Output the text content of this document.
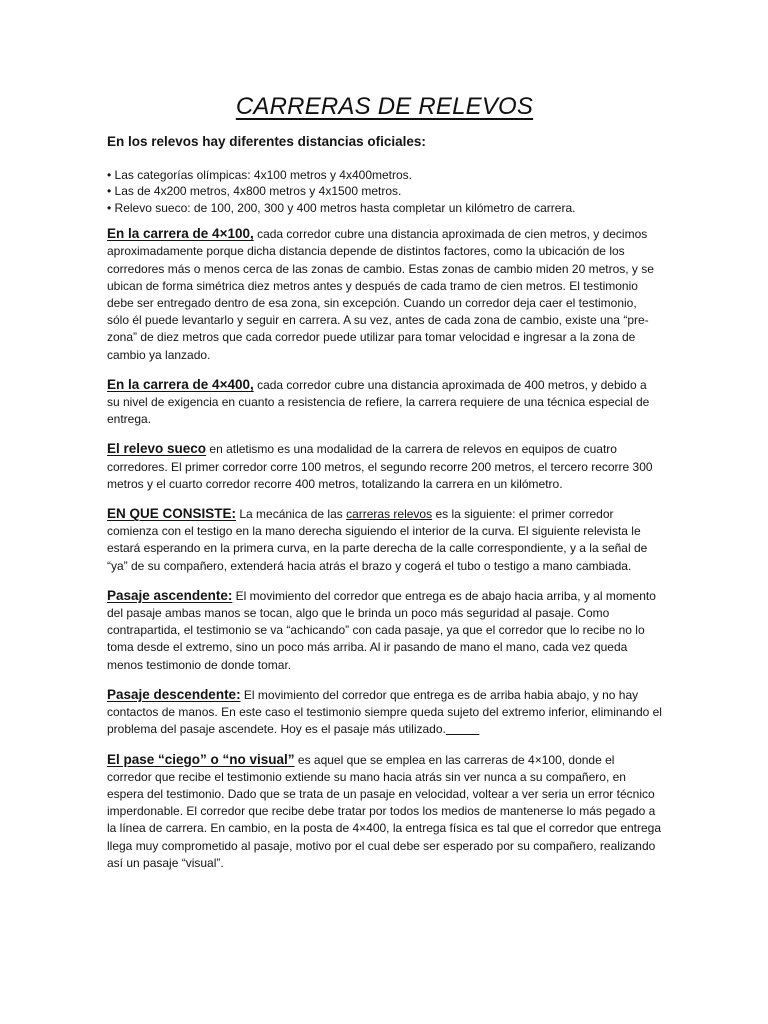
CARRERAS DE RELEVOS
En los relevos hay diferentes distancias oficiales:
• Las categorías olímpicas: 4x100 metros y 4x400metros.
• Las de 4x200 metros, 4x800 metros y 4x1500 metros.
• Relevo sueco: de 100, 200, 300 y 400 metros hasta completar un kilómetro de carrera.

En la carrera de 4×100, cada corredor cubre una distancia aproximada de cien metros, y decimos aproximadamente porque dicha distancia depende de distintos factores, como la ubicación de los corredores más o menos cerca de las zonas de cambio. Estas zonas de cambio miden 20 metros, y se ubican de forma simétrica diez metros antes y después de cada tramo de cien metros. El testimonio debe ser entregado dentro de esa zona, sin excepción. Cuando un corredor deja caer el testimonio, sólo él puede levantarlo y seguir en carrera. A su vez, antes de cada zona de cambio, existe una “pre-zona” de diez metros que cada corredor puede utilizar para tomar velocidad e ingresar a la zona de cambio ya lanzado.

En la carrera de 4×400, cada corredor cubre una distancia aproximada de 400 metros, y debido a su nivel de exigencia en cuanto a resistencia de refiere, la carrera requiere de una técnica especial de entrega.

El relevo sueco en atletismo es una modalidad de la carrera de relevos en equipos de cuatro corredores. El primer corredor corre 100 metros, el segundo recorre 200 metros, el tercero recorre 300 metros y el cuarto corredor recorre 400 metros, totalizando la carrera en un kilómetro.

EN QUE CONSISTE: La mecánica de las carreras relevos es la siguiente: el primer corredor comienza con el testigo en la mano derecha siguiendo el interior de la curva. El siguiente relevista le estará esperando en la primera curva, en la parte derecha de la calle correspondiente, y a la señal de “ya” de su compañero, extenderá hacia atrás el brazo y cogerá el tubo o testigo a mano cambiada.

Pasaje ascendente: El movimiento del corredor que entrega es de abajo hacia arriba, y al momento del pasaje ambas manos se tocan, algo que le brinda un poco más seguridad al pasaje. Como contrapartida, el testimonio se va “achicando” con cada pasaje, ya que el corredor que lo recibe no lo toma desde el extremo, sino un poco más arriba. Al ir pasando de mano el mano, cada vez queda menos testimonio de donde tomar.

Pasaje descendente: El movimiento del corredor que entrega es de arriba habia abajo, y no hay contactos de manos. En este caso el testimonio siempre queda sujeto del extremo inferior, eliminando el problema del pasaje ascendete. Hoy es el pasaje más utilizado._____

El pase “ciego” o “no visual” es aquel que se emplea en las carreras de 4×100, donde el corredor que recibe el testimonio extiende su mano hacia atrás sin ver nunca a su compañero, en espera del testimonio. Dado que se trata de un pasaje en velocidad, voltear a ver seria un error técnico imperdonable. El corredor que recibe debe tratar por todos los medios de mantenerse lo más pegado a la línea de carrera. En cambio, en la posta de 4×400, la entrega física es tal que el corredor que entrega llega muy comprometido al pasaje, motivo por el cual debe ser esperado por su compañero, realizando así un pasaje “visual”.
